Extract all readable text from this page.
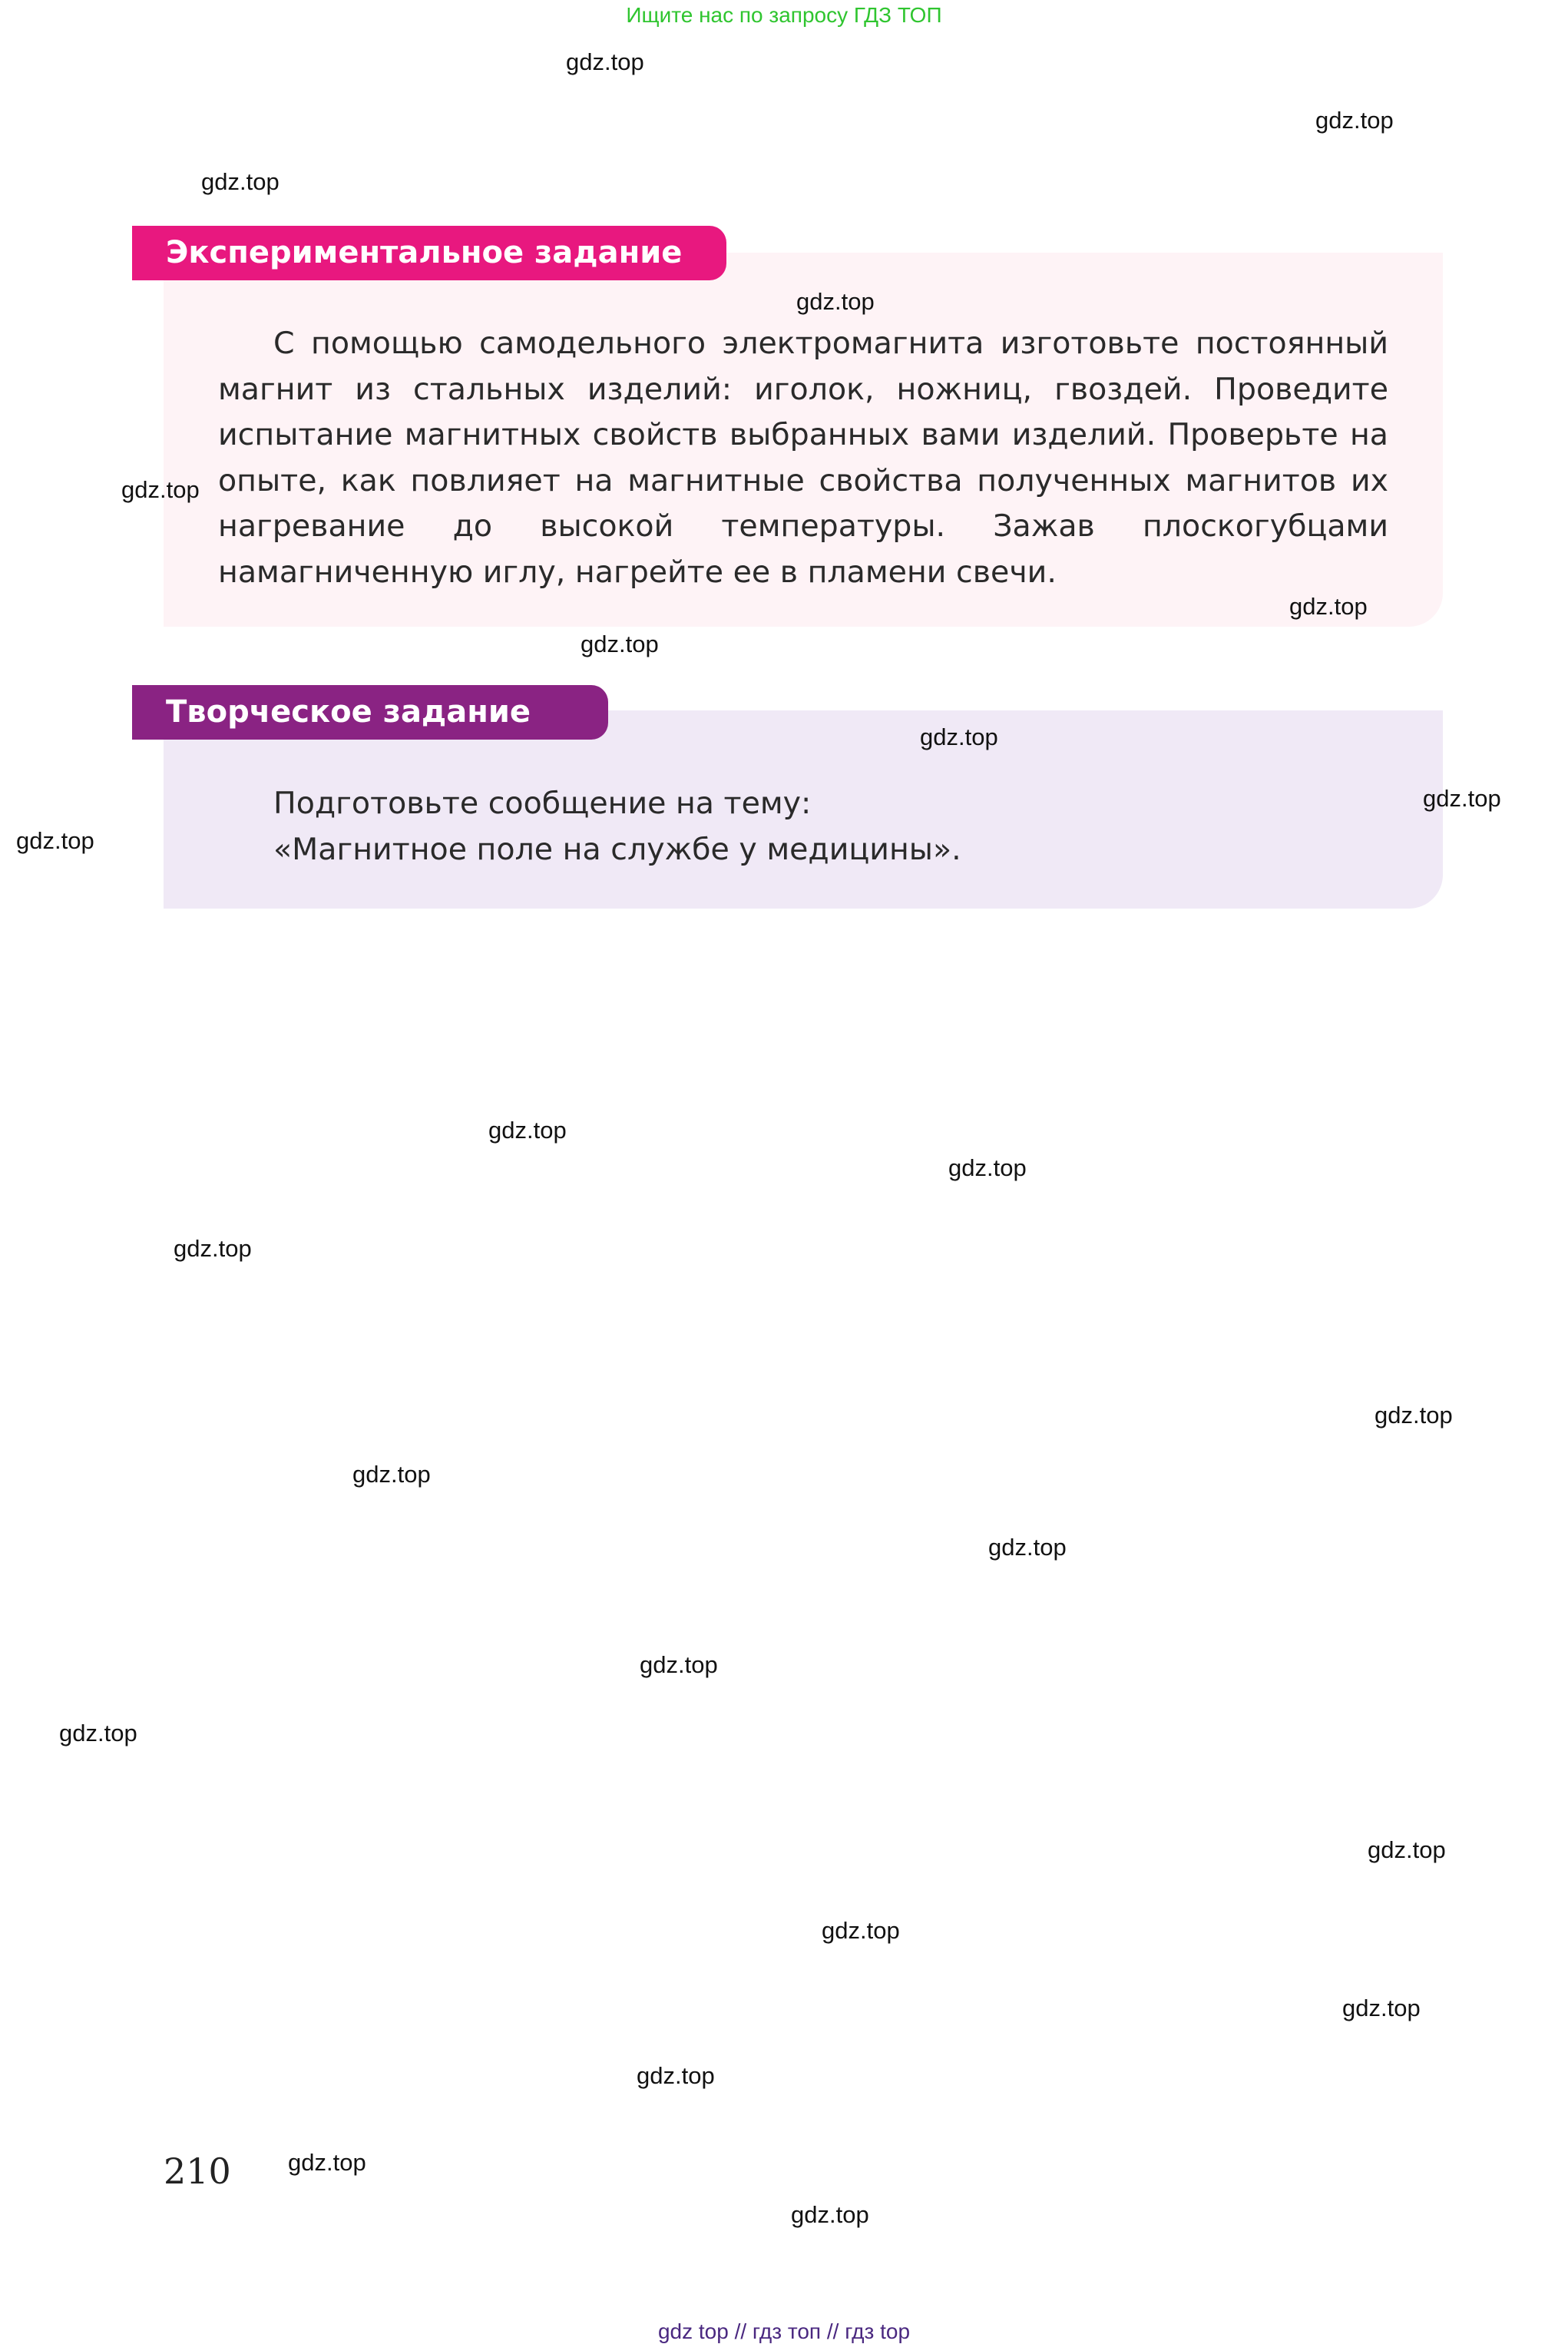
Ищите нас по запросу ГДЗ ТОП
Экспериментальное задание
С помощью самодельного электромагнита изготовьте постоянный магнит из стальных изделий: иголок, ножниц, гвоздей. Проведите испытание магнитных свойств выбранных вами изделий. Проверьте на опыте, как повлияет на магнитные свойства полученных магнитов их нагревание до высокой температуры. Зажав плоскогубцами намагниченную иглу, нагрейте ее в пламени свечи.
Творческое задание
Подготовьте сообщение на тему:
«Магнитное поле на службе у медицины».
210
gdz.top
gdz.top
gdz.top
gdz.top
gdz.top
gdz.top
gdz.top
gdz.top
gdz.top
gdz.top
gdz.top
gdz.top
gdz.top
gdz.top
gdz.top
gdz.top
gdz.top
gdz.top
gdz.top
gdz.top
gdz.top
gdz.top
gdz.top
gdz.top
gdz top // гдз топ // гдз top
